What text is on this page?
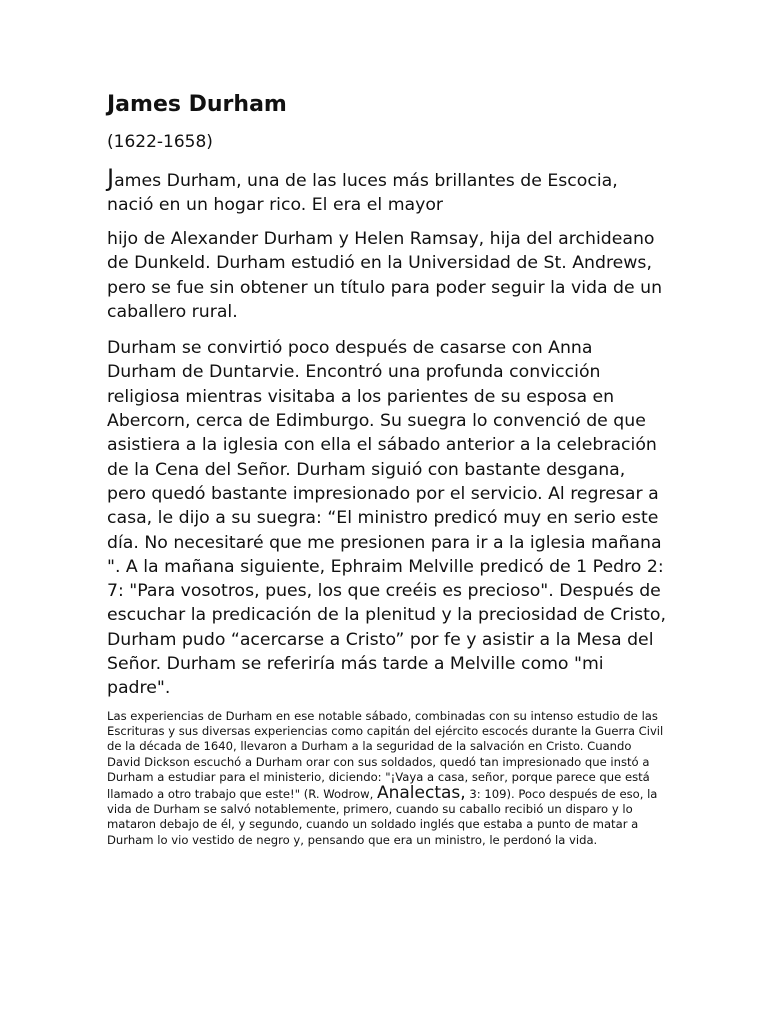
James Durham

(1622-1658)

James Durham, una de las luces más brillantes de Escocia, nació en un hogar rico. El era el mayor

hijo de Alexander Durham y Helen Ramsay, hija del archideano de Dunkeld. Durham estudió en la Universidad de St. Andrews, pero se fue sin obtener un título para poder seguir la vida de un caballero rural.

Durham se convirtió poco después de casarse con Anna Durham de Duntarvie. Encontró una profunda convicción religiosa mientras visitaba a los parientes de su esposa en Abercorn, cerca de Edimburgo. Su suegra lo convenció de que asistiera a la iglesia con ella el sábado anterior a la celebración de la Cena del Señor. Durham siguió con bastante desgana, pero quedó bastante impresionado por el servicio. Al regresar a casa, le dijo a su suegra: “El ministro predicó muy en serio este día. No necesitaré que me presionen para ir a la iglesia mañana ". A la mañana siguiente, Ephraim Melville predicó de 1 Pedro 2: 7: "Para vosotros, pues, los que creéis es precioso". Después de escuchar la predicación de la plenitud y la preciosidad de Cristo, Durham pudo “acercarse a Cristo” por fe y asistir a la Mesa del Señor. Durham se referiría más tarde a Melville como "mi padre".

Las experiencias de Durham en ese notable sábado, combinadas con su intenso estudio de las Escrituras y sus diversas experiencias como capitán del ejército escocés durante la Guerra Civil de la década de 1640, llevaron a Durham a la seguridad de la salvación en Cristo. Cuando David Dickson escuchó a Durham orar con sus soldados, quedó tan impresionado que instó a Durham a estudiar para el ministerio, diciendo: "¡Vaya a casa, señor, porque parece que está llamado a otro trabajo que este!" (R. Wodrow, Analectas, 3: 109). Poco después de eso, la vida de Durham se salvó notablemente, primero, cuando su caballo recibió un disparo y lo mataron debajo de él, y segundo, cuando un soldado inglés que estaba a punto de matar a Durham lo vio vestido de negro y, pensando que era un ministro, le perdonó la vida.
